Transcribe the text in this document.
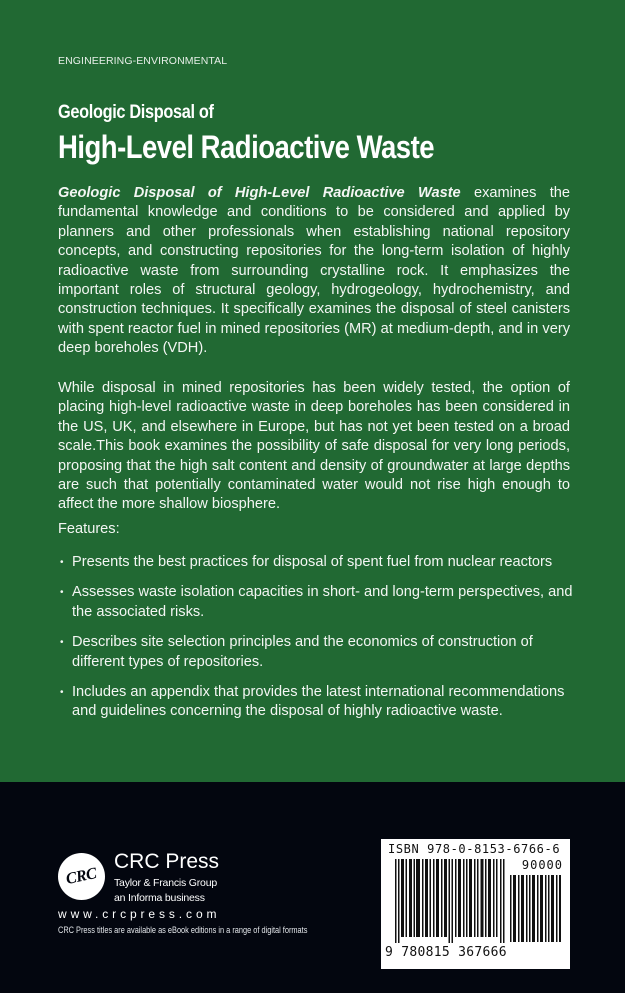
ENGINEERING-ENVIRONMENTAL
Geologic Disposal of
High-Level Radioactive Waste
Geologic Disposal of High-Level Radioactive Waste examines the fundamental knowledge and conditions to be considered and applied by planners and other professionals when establishing national repository concepts, and constructing repositories for the long-term isolation of highly radioactive waste from surrounding crystalline rock. It emphasizes the important roles of structural geology, hydrogeology, hydrochemistry, and construction techniques. It specifically examines the disposal of steel canisters with spent reactor fuel in mined repositories (MR) at medium-depth, and in very deep boreholes (VDH).
While disposal in mined repositories has been widely tested, the option of placing high-level radioactive waste in deep boreholes has been considered in the US, UK, and elsewhere in Europe, but has not yet been tested on a broad scale.This book examines the possibility of safe disposal for very long periods, proposing that the high salt content and density of groundwater at large depths are such that potentially contaminated water would not rise high enough to affect the more shallow biosphere.
Features:
• Presents the best practices for disposal of spent fuel from nuclear reactors
• Assesses waste isolation capacities in short- and long-term perspectives, and the associated risks.
• Describes site selection principles and the economics of construction of different types of repositories.
• Includes an appendix that provides the latest international recommendations and guidelines concerning the disposal of highly radioactive waste.
CRC
CRC Press
Taylor & Francis Group
an Informa business
www.crcpress.com
CRC Press titles are available as eBook editions in a range of digital formats
ISBN 978-0-8153-6766-6
90000
9 780815 367666
